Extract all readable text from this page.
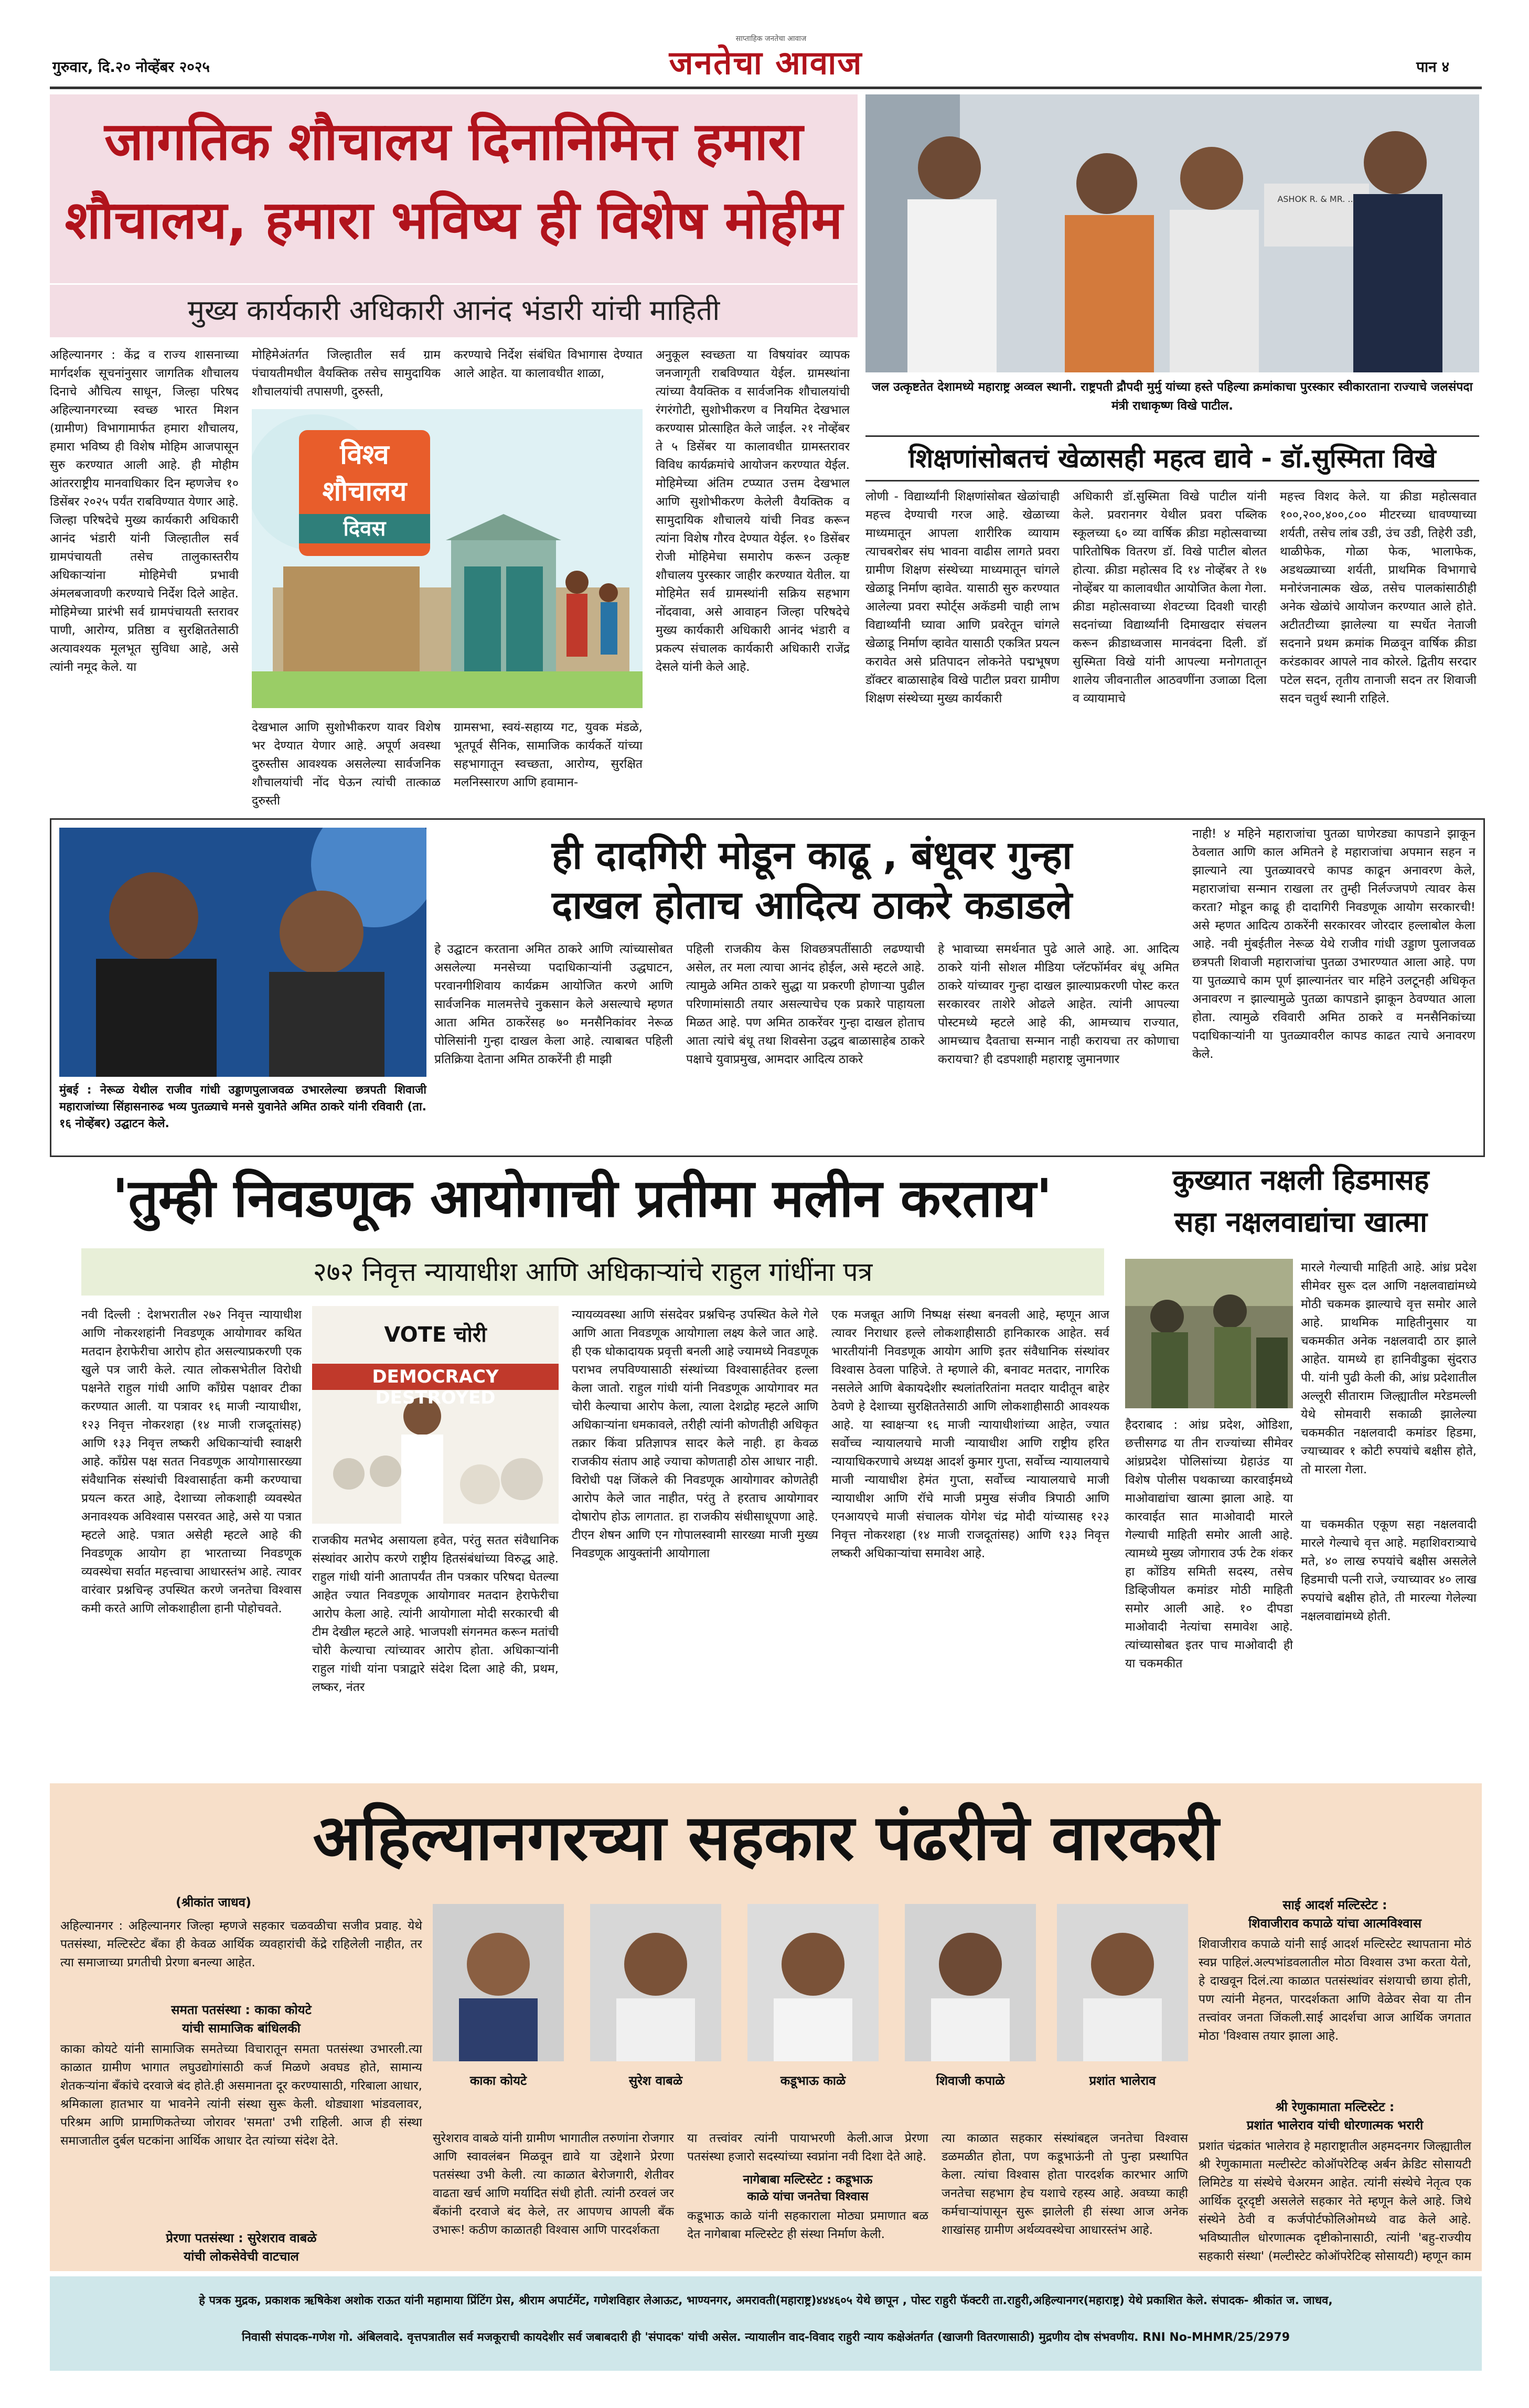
गुरुवार, दि.२० नोव्हेंबर २०२५
साप्ताहिक जनतेचा आवाज
जनतेचा आवाज	पान ४
जागतिक शौचालय दिनानिमित्त हमारा
शौचालय, हमारा भविष्य ही विशेष मोहीम
मुख्य कार्यकारी अधिकारी आनंद भंडारी यांची माहिती
अहिल्यानगर : केंद्र व राज्य शासनाच्या मार्गदर्शक सूचनांनुसार जागतिक शौचालय दिनाचे औचित्य साधून, जिल्हा परिषद अहिल्यानगरच्या स्वच्छ भारत मिशन (ग्रामीण) विभागामार्फत हमारा शौचालय, हमारा भविष्य ही विशेष मोहिम आजपासून सुरु करण्यात आली आहे. ही मोहीम आंतरराष्ट्रीय मानवाधिकार दिन म्हणजेच १० डिसेंबर २०२५ पर्यंत राबविण्यात येणार आहे. जिल्हा परिषदेचे मुख्य कार्यकारी अधिकारी आनंद भंडारी यांनी जिल्हातील सर्व ग्रामपंचायती तसेच तालुकास्तरीय अधिकाऱ्यांना मोहिमेची प्रभावी अंमलबजावणी करण्याचे निर्देश दिले आहेत. मोहिमेच्या प्रारंभी सर्व ग्रामपंचायती स्तरावर पाणी, आरोग्य, प्रतिष्ठा व सुरक्षिततेसाठी अत्यावश्यक मूलभूत सुविधा आहे, असे त्यांनी नमूद केले. या
मोहिमेअंतर्गत जिल्हातील सर्व ग्राम पंचायतीमधील वैयक्तिक तसेच सामुदायिक शौचालयांची तपासणी, दुरुस्ती,
करण्याचे निर्देश संबंधित विभागास देण्यात आले आहेत. या कालावधीत शाळा,
विश्व
शौचालय
दिवस
देखभाल आणि सुशोभीकरण यावर विशेष भर देण्यात येणार आहे. अपूर्ण अवस्था दुरुस्तीस आवश्यक असलेल्या सार्वजनिक शौचालयांची नोंद घेऊन त्यांची तात्काळ दुरुस्ती
ग्रामसभा, स्वयं-सहाय्य गट, युवक मंडळे, भूतपूर्व सैनिक, सामाजिक कार्यकर्ते यांच्या सहभागातून स्वच्छता, आरोग्य, सुरक्षित मलनिस्सारण आणि हवामान-
अनुकूल स्वच्छता या विषयांवर व्यापक जनजागृती राबविण्यात येईल. ग्रामस्थांना त्यांच्या वैयक्तिक व सार्वजनिक शौचालयांची रंगरंगोटी, सुशोभीकरण व नियमित देखभाल करण्यास प्रोत्साहित केले जाईल. २१ नोव्हेंबर ते ५ डिसेंबर या कालावधीत ग्रामस्तरावर विविध कार्यक्रमांचे आयोजन करण्यात येईल. मोहिमेच्या अंतिम टप्प्यात उत्तम देखभाल आणि सुशोभीकरण केलेली वैयक्तिक व सामुदायिक शौचालये यांची निवड करून त्यांना विशेष गौरव देण्यात येईल. १० डिसेंबर रोजी मोहिमेचा समारोप करून उत्कृष्ट शौचालय पुरस्कार जाहीर करण्यात येतील. या मोहिमेत सर्व ग्रामस्थांनी सक्रिय सहभाग नोंदवावा, असे आवाहन जिल्हा परिषदेचे मुख्य कार्यकारी अधिकारी आनंद भंडारी व प्रकल्प संचालक कार्यकारी अधिकारी राजेंद्र देसले यांनी केले आहे.
ASHOK R. & MR. ...
जल उत्कृष्टतेत देशामध्ये महाराष्ट्र अव्वल स्थानी. राष्ट्रपती द्रौपदी मुर्मु यांच्या हस्ते पहिल्या क्रमांकाचा पुरस्कार स्वीकारताना राज्याचे जलसंपदा मंत्री राधाकृष्ण विखे पाटील.
शिक्षणांसोबतचं खेळासही महत्व द्यावे - डॉ.सुस्मिता विखे
लोणी - विद्यार्थ्यांनी शिक्षणांसोबत खेळांचाही महत्त्व देण्याची गरज आहे. खेळाच्या माध्यमातून आपला शारीरिक व्यायाम त्याचबरोबर संघ भावना वाढीस लागते प्रवरा ग्रामीण शिक्षण संस्थेच्या माध्यमातून चांगले खेळाडू निर्माण व्हावेत. यासाठी सुरु करण्यात आलेल्या प्रवरा स्पोर्ट्स अकॅडमी चाही लाभ विद्यार्थ्यांनी घ्यावा आणि प्रवरेतून चांगले खेळाडू निर्माण व्हावेत यासाठी एकत्रित प्रयत्न करावेत असे प्रतिपादन लोकनेते पद्मभूषण डॉक्टर बाळासाहेब विखे पाटील प्रवरा ग्रामीण शिक्षण संस्थेच्या मुख्य कार्यकारी
अधिकारी डॉ.सुस्मिता विखे पाटील यांनी केले. प्रवरानगर येथील प्रवरा पब्लिक स्कूलच्या ६० व्या वार्षिक क्रीडा महोत्सवाच्या पारितोषिक वितरण डॉ. विखे पाटील बोलत होत्या. क्रीडा महोत्सव दि १४ नोव्हेंबर ते १७ नोव्हेंबर या कालावधीत आयोजित केला गेला. क्रीडा महोत्सवाच्या शेवटच्या दिवशी चारही सदनांच्या विद्यार्थ्यांनी दिमाखदार संचलन करून क्रीडाध्वजास मानवंदना दिली. डॉ सुस्मिता विखे यांनी आपल्या मनोगतातून शालेय जीवनातील आठवणींना उजाळा दिला व व्यायामाचे
महत्त्व विशद केले. या क्रीडा महोत्सवात १००,२००,४००,८०० मीटरच्या धावण्याच्या शर्यती, तसेच लांब उडी, उंच उडी, तिहेरी उडी, थाळीफेक, गोळा फेक, भालाफेक, अडथळ्याच्या शर्यती, प्राथमिक विभागाचे मनोरंजनात्मक खेळ, तसेच पालकांसाठीही अनेक खेळांचे आयोजन करण्यात आले होते. अटीतटीच्या झालेल्या या स्पर्धेत नेताजी सदनाने प्रथम क्रमांक मिळवून वार्षिक क्रीडा करंडकावर आपले नाव कोरले. द्वितीय सरदार पटेल सदन, तृतीय तानाजी सदन तर शिवाजी सदन चतुर्थ स्थानी राहिले.
मुंबई : नेरूळ येथील राजीव गांधी उड्डाणपुलाजवळ उभारलेल्या छत्रपती शिवाजी महाराजांच्या सिंहासनारुढ भव्य पुतळ्याचे मनसे युवानेते अमित ठाकरे यांनी रविवारी (ता. १६ नोव्हेंबर) उद्घाटन केले.
ही दादगिरी मोडून काढू , बंधूवर गुन्हा
दाखल होताच आदित्य ठाकरे कडाडले
हे उद्घाटन करताना अमित ठाकरे आणि त्यांच्यासोबत असलेल्या मनसेच्या पदाधिकाऱ्यांनी उद्धघाटन, परवानगीशिवाय कार्यक्रम आयोजित करणे आणि सार्वजनिक मालमत्तेचे नुकसान केले असल्याचे म्हणत आता अमित ठाकरेंसह ७० मनसैनिकांवर नेरूळ पोलिसांनी गुन्हा दाखल केला आहे. त्याबाबत पहिली प्रतिक्रिया देताना अमित ठाकरेंनी ही माझी
पहिली राजकीय केस शिवछत्रपतींसाठी लढण्याची असेल, तर मला त्याचा आनंद होईल, असे म्हटले आहे. त्यामुळे अमित ठाकरे सुद्धा या प्रकरणी होणाऱ्या पुढील परिणामांसाठी तयार असल्याचेच एक प्रकारे पाहायला मिळत आहे. पण अमित ठाकरेंवर गुन्हा दाखल होताच आता त्यांचे बंधू तथा शिवसेना उद्धव बाळासाहेब ठाकरे पक्षाचे युवाप्रमुख, आमदार आदित्य ठाकरे
हे भावाच्या समर्थनात पुढे आले आहे. आ. आदित्य ठाकरे यांनी सोशल मीडिया प्लॅटफॉर्मवर बंधू अमित ठाकरे यांच्यावर गुन्हा दाखल झाल्याप्रकरणी पोस्ट करत सरकारवर ताशेरे ओढले आहेत. त्यांनी आपल्या पोस्टमध्ये म्हटले आहे की, आमच्याच राज्यात, आमच्याच दैवताचा सन्मान नाही करायचा तर कोणाचा करायचा? ही दडपशाही महाराष्ट्र जुमानणार
नाही! ४ महिने महाराजांचा पुतळा घाणेरड्या कापडाने झाकून ठेवलात आणि काल अमितने हे महाराजांचा अपमान सहन न झाल्याने त्या पुतळ्यावरचे कापड काढून अनावरण केले, महाराजांचा सन्मान राखला तर तुम्ही निर्लज्जपणे त्यावर केस करता? मोडून काढू ही दादागिरी निवडणूक आयोग सरकारची! असे म्हणत आदित्य ठाकरेंनी सरकारवर जोरदार हल्लाबोल केला आहे. नवी मुंबईतील नेरूळ येथे राजीव गांधी उड्डाण पुलाजवळ छत्रपती शिवाजी महाराजांचा पुतळा उभारण्यात आला आहे. पण या पुतळ्याचे काम पूर्ण झाल्यानंतर चार महिने उलटूनही अधिकृत अनावरण न झाल्यामुळे पुतळा कापडाने झाकून ठेवण्यात आला होता. त्यामुळे रविवारी अमित ठाकरे व मनसैनिकांच्या पदाधिकाऱ्यांनी या पुतळ्यावरील कापड काढत त्याचे अनावरण केले.
'तुम्ही निवडणूक आयोगाची प्रतीमा मलीन करताय'
२७२ निवृत्त न्यायाधीश आणि अधिकाऱ्यांचे राहुल गांधींना पत्र
नवी दिल्ली : देशभरातील २७२ निवृत्त न्यायाधीश आणि नोकरशहांनी निवडणूक आयोगावर कथित मतदान हेराफेरीचा आरोप होत असल्याप्रकरणी एक खुले पत्र जारी केले. त्यात लोकसभेतील विरोधी पक्षनेते राहुल गांधी आणि काँग्रेस पक्षावर टीका करण्यात आली. या पत्रावर १६ माजी न्यायाधीश, १२३ निवृत्त नोकरशहा (१४ माजी राजदूतांसह) आणि १३३ निवृत्त लष्करी अधिकाऱ्यांची स्वाक्षरी आहे. काँग्रेस पक्ष सतत निवडणूक आयोगासारख्या संवैधानिक संस्थांची विश्वासार्हता कमी करण्याचा प्रयत्न करत आहे, देशाच्या लोकशाही व्यवस्थेत अनावश्यक अविश्वास पसरवत आहे, असे या पत्रात म्हटले आहे. पत्रात असेही म्हटले आहे की निवडणूक आयोग हा भारताच्या निवडणूक व्यवस्थेचा सर्वात महत्त्वाचा आधारस्तंभ आहे. त्यावर वारंवार प्रश्नचिन्ह उपस्थित करणे जनतेचा विश्वास कमी करते आणि लोकशाहीला हानी पोहोचवते.
VOTE चोरी
DEMOCRACY DESTROYED
राजकीय मतभेद असायला हवेत, परंतु सतत संवैधानिक संस्थांवर आरोप करणे राष्ट्रीय हितसंबंधांच्या विरुद्ध आहे. राहुल गांधी यांनी आतापर्यंत तीन पत्रकार परिषदा घेतल्या आहेत ज्यात निवडणूक आयोगावर मतदान हेराफेरीचा आरोप केला आहे. त्यांनी आयोगाला मोदी सरकारची बी टीम देखील म्हटले आहे. भाजपशी संगनमत करून मतांची चोरी केल्याचा त्यांच्यावर आरोप होता. अधिकाऱ्यांनी राहुल गांधी यांना पत्राद्वारे संदेश दिला आहे की, प्रथम, लष्कर, नंतर
न्यायव्यवस्था आणि संसदेवर प्रश्नचिन्ह उपस्थित केले गेले आणि आता निवडणूक आयोगाला लक्ष्य केले जात आहे. ही एक धोकादायक प्रवृत्ती बनली आहे ज्यामध्ये निवडणूक पराभव लपविण्यासाठी संस्थांच्या विश्वासार्हतेवर हल्ला केला जातो. राहुल गांधी यांनी निवडणूक आयोगावर मत चोरी केल्याचा आरोप केला, त्याला देशद्रोह म्हटले आणि अधिकाऱ्यांना धमकावले, तरीही त्यांनी कोणतीही अधिकृत तक्रार किंवा प्रतिज्ञापत्र सादर केले नाही. हा केवळ राजकीय संताप आहे ज्याचा कोणताही ठोस आधार नाही. विरोधी पक्ष जिंकले की निवडणूक आयोगावर कोणतेही आरोप केले जात नाहीत, परंतु ते हरताच आयोगावर दोषारोप होऊ लागतात. हा राजकीय संधीसाधूपणा आहे. टीएन शेषन आणि एन गोपालस्वामी सारख्या माजी मुख्य निवडणूक आयुक्तांनी आयोगाला
एक मजबूत आणि निष्पक्ष संस्था बनवली आहे, म्हणून आज त्यावर निराधार हल्ले लोकशाहीसाठी हानिकारक आहेत. सर्व भारतीयांनी निवडणूक आयोग आणि इतर संवैधानिक संस्थांवर विश्वास ठेवला पाहिजे. ते म्हणाले की, बनावट मतदार, नागरिक नसलेले आणि बेकायदेशीर स्थलांतरितांना मतदार यादीतून बाहेर ठेवणे हे देशाच्या सुरक्षिततेसाठी आणि लोकशाहीसाठी आवश्यक आहे. या स्वाक्षऱ्या १६ माजी न्यायाधीशांच्या आहेत, ज्यात सर्वोच्च न्यायालयाचे माजी न्यायाधीश आणि राष्ट्रीय हरित न्यायाधिकरणाचे अध्यक्ष आदर्श कुमार गुप्ता, सर्वोच्च न्यायालयाचे माजी न्यायाधीश हेमंत गुप्ता, सर्वोच्च न्यायालयाचे माजी न्यायाधीश आणि रॉचे माजी प्रमुख संजीव त्रिपाठी आणि एनआयएचे माजी संचालक योगेश चंद्र मोदी यांच्यासह १२३ निवृत्त नोकरशहा (१४ माजी राजदूतांसह) आणि १३३ निवृत्त लष्करी अधिकाऱ्यांचा समावेश आहे.
कुख्यात नक्षली हिडमासह
सहा नक्षलवाद्यांचा खात्मा
मारले गेल्याची माहिती आहे. आंध्र प्रदेश सीमेवर सुरू दल आणि नक्षलवाद्यांमध्ये मोठी चकमक झाल्याचे वृत्त समोर आले आहे. प्राथमिक माहितीनुसार या चकमकीत अनेक नक्षलवादी ठार झाले आहेत. यामध्ये हा हानिवीडुका सुंदराउ पी. यांनी पुढी केली की, आंध्र प्रदेशातील अल्लूरी सीताराम जिल्ह्यातील मरेडमल्ली येथे सोमवारी सकाळी झालेल्या चकमकीत नक्षलवादी कमांडर हिडमा, ज्याच्यावर १ कोटी रुपयांचे बक्षीस होते, तो मारला गेला.
हैदराबाद : आंध्र प्रदेश, ओडिशा, छत्तीसगढ या तीन राज्यांच्या सीमेवर आंध्रप्रदेश पोलिसांच्या ग्रेहाउंड या विशेष पोलीस पथकाच्या कारवाईमध्ये माओवाद्यांचा खात्मा झाला आहे. या कारवाईत सात माओवादी मारले गेल्याची माहिती समोर आली आहे. त्यामध्ये मुख्य जोगाराव उर्फ टेक शंकर हा कोंडिय समिती सदस्य, तसेच डिव्हिजीयल कमांडर मोठी माहिती समोर आली आहे. १० दीपडा माओवादी नेत्यांचा समावेश आहे. त्यांच्यासोबत इतर पाच माओवादी ही या चकमकीत
या चकमकीत एकूण सहा नक्षलवादी मारले गेल्याचे वृत्त आहे. महाशिवरात्र्याचे मते, ४० लाख रुपयांचे बक्षीस असलेले हिडमाची पत्नी राजे, ज्याच्यावर ४० लाख रुपयांचे बक्षीस होते, ती मारल्या गेलेल्या नक्षलवाद्यांमध्ये होती.
अहिल्यानगरच्या सहकार पंढरीचे वारकरी
(श्रीकांत जाधव)
अहिल्यानगर : अहिल्यानगर जिल्हा म्हणजे सहकार चळवळीचा सजीव प्रवाह. येथे पतसंस्था, मल्टिस्टेट बँका ही केवळ आर्थिक व्यवहारांची केंद्रे राहिलेली नाहीत, तर त्या समाजाच्या प्रगतीची प्रेरणा बनल्या आहेत.
समता पतसंस्था : काका कोयटे
यांची सामाजिक बांधिलकी
काका कोयटे यांनी सामाजिक समतेच्या विचारातून समता पतसंस्था उभारली.त्या काळात ग्रामीण भागात लघुउद्योगांसाठी कर्ज मिळणे अवघड होते, सामान्य शेतकऱ्यांना बँकांचे दरवाजे बंद होते.ही असमानता दूर करण्यासाठी, गरिबाला आधार, श्रमिकाला हातभार या भावनेने त्यांनी संस्था सुरू केली. थोड्याशा भांडवलावर, परिश्रम आणि प्रामाणिकतेच्या जोरावर 'समता' उभी राहिली. आज ही संस्था समाजातील दुर्बल घटकांना आर्थिक आधार देत त्यांच्या संदेश देते.
प्रेरणा पतसंस्था : सुरेशराव वाबळे
यांची लोकसेवेची वाटचाल
काका कोयटे	सुरेश वाबळे	कडूभाऊ काळे	शिवाजी कपाळे	प्रशांत भालेराव
सुरेशराव वाबळे यांनी ग्रामीण भागातील तरुणांना रोजगार आणि स्वावलंबन मिळवून द्यावे या उद्देशाने प्रेरणा पतसंस्था उभी केली. त्या काळात बेरोजगारी, शेतीवर वाढता खर्च आणि मर्यादित संधी होती. त्यांनी ठरवलं जर बँकांनी दरवाजे बंद केले, तर आपणच आपली बँक उभारू! कठीण काळातही विश्वास आणि पारदर्शकता
या तत्त्वांवर त्यांनी पायाभरणी केली.आज प्रेरणा पतसंस्था हजारो सदस्यांच्या स्वप्नांना नवी दिशा देते आहे.
नागेबाबा मल्टिस्टेट : कडूभाऊ
काळे यांचा जनतेचा विश्वास
कडूभाऊ काळे यांनी सहकाराला मोठ्या प्रमाणात बळ देत नागेबाबा मल्टिस्टेट ही संस्था निर्माण केली.
त्या काळात सहकार संस्थांबद्दल जनतेचा विश्वास डळमळीत होता, पण कडूभाऊंनी तो पुन्हा प्रस्थापित केला. त्यांचा विश्वास होता पारदर्शक कारभार आणि जनतेचा सहभाग हेच यशाचे रहस्य आहे. अवघ्या काही कर्मचाऱ्यांपासून सुरू झालेली ही संस्था आज अनेक शाखांसह ग्रामीण अर्थव्यवस्थेचा आधारस्तंभ आहे.
साई आदर्श मल्टिस्टेट :
शिवाजीराव कपाळे यांचा आत्मविश्वास
शिवाजीराव कपाळे यांनी साई आदर्श मल्टिस्टेट स्थापताना मोठं स्वप्न पाहिलं.अल्पभांडवलातील मोठा विश्वास उभा करता येतो, हे दाखवून दिलं.त्या काळात पतसंस्थांवर संशयाची छाया होती, पण त्यांनी मेहनत, पारदर्शकता आणि वेळेवर सेवा या तीन तत्त्वांवर जनता जिंकली.साई आदर्शचा आज आर्थिक जगतात मोठा 'विश्वास तयार झाला आहे.
श्री रेणुकामाता मल्टिस्टेट :
प्रशांत भालेराव यांची धोरणात्मक भरारी
प्रशांत चंद्रकांत भालेराव हे महाराष्ट्रातील अहमदनगर जिल्ह्यातील श्री रेणुकामाता मल्टीस्टेट कोऑपरेटिव्ह अर्बन क्रेडिट सोसायटी लिमिटेड या संस्थेचे चेअरमन आहेत. त्यांनी संस्थेचे नेतृत्व एक आर्थिक दूरदृष्टी असलेले सहकार नेते म्हणून केले आहे. जिथे संस्थेने ठेवी व कर्जपोर्टफोलिओमध्ये वाढ केले आहे. भविष्यातील धोरणात्मक दृष्टीकोनासाठी, त्यांनी 'बहु-राज्यीय सहकारी संस्था' (मल्टीस्टेट कोऑपरेटिव्ह सोसायटी) म्हणून काम
हे पत्रक मुद्रक, प्रकाशक ऋषिकेश अशोक राऊत यांनी महामाया प्रिंटिंग प्रेस, श्रीराम अपार्टमेंट, गणेशविहार लेआऊट, भाण्यनगर, अमरावती(महाराष्ट्र)४४४६०५ येथे छापून , पोस्ट राहुरी फॅक्टरी ता.राहुरी,अहिल्यानगर(महाराष्ट्र) येथे प्रकाशित केले. संपादक- श्रीकांत ज. जाधव,
निवासी संपादक-गणेश गो. अंबिलवादे. वृत्तपत्रातील सर्व मजकूराची कायदेशीर सर्व जबाबदारी ही 'संपादक' यांची असेल. न्यायालीन वाद-विवाद राहुरी न्याय कक्षेअंतर्गत (खाजगी वितरणासाठी) मुद्रणीय दोष संभवणीय. RNI No-MHMR/25/2979
